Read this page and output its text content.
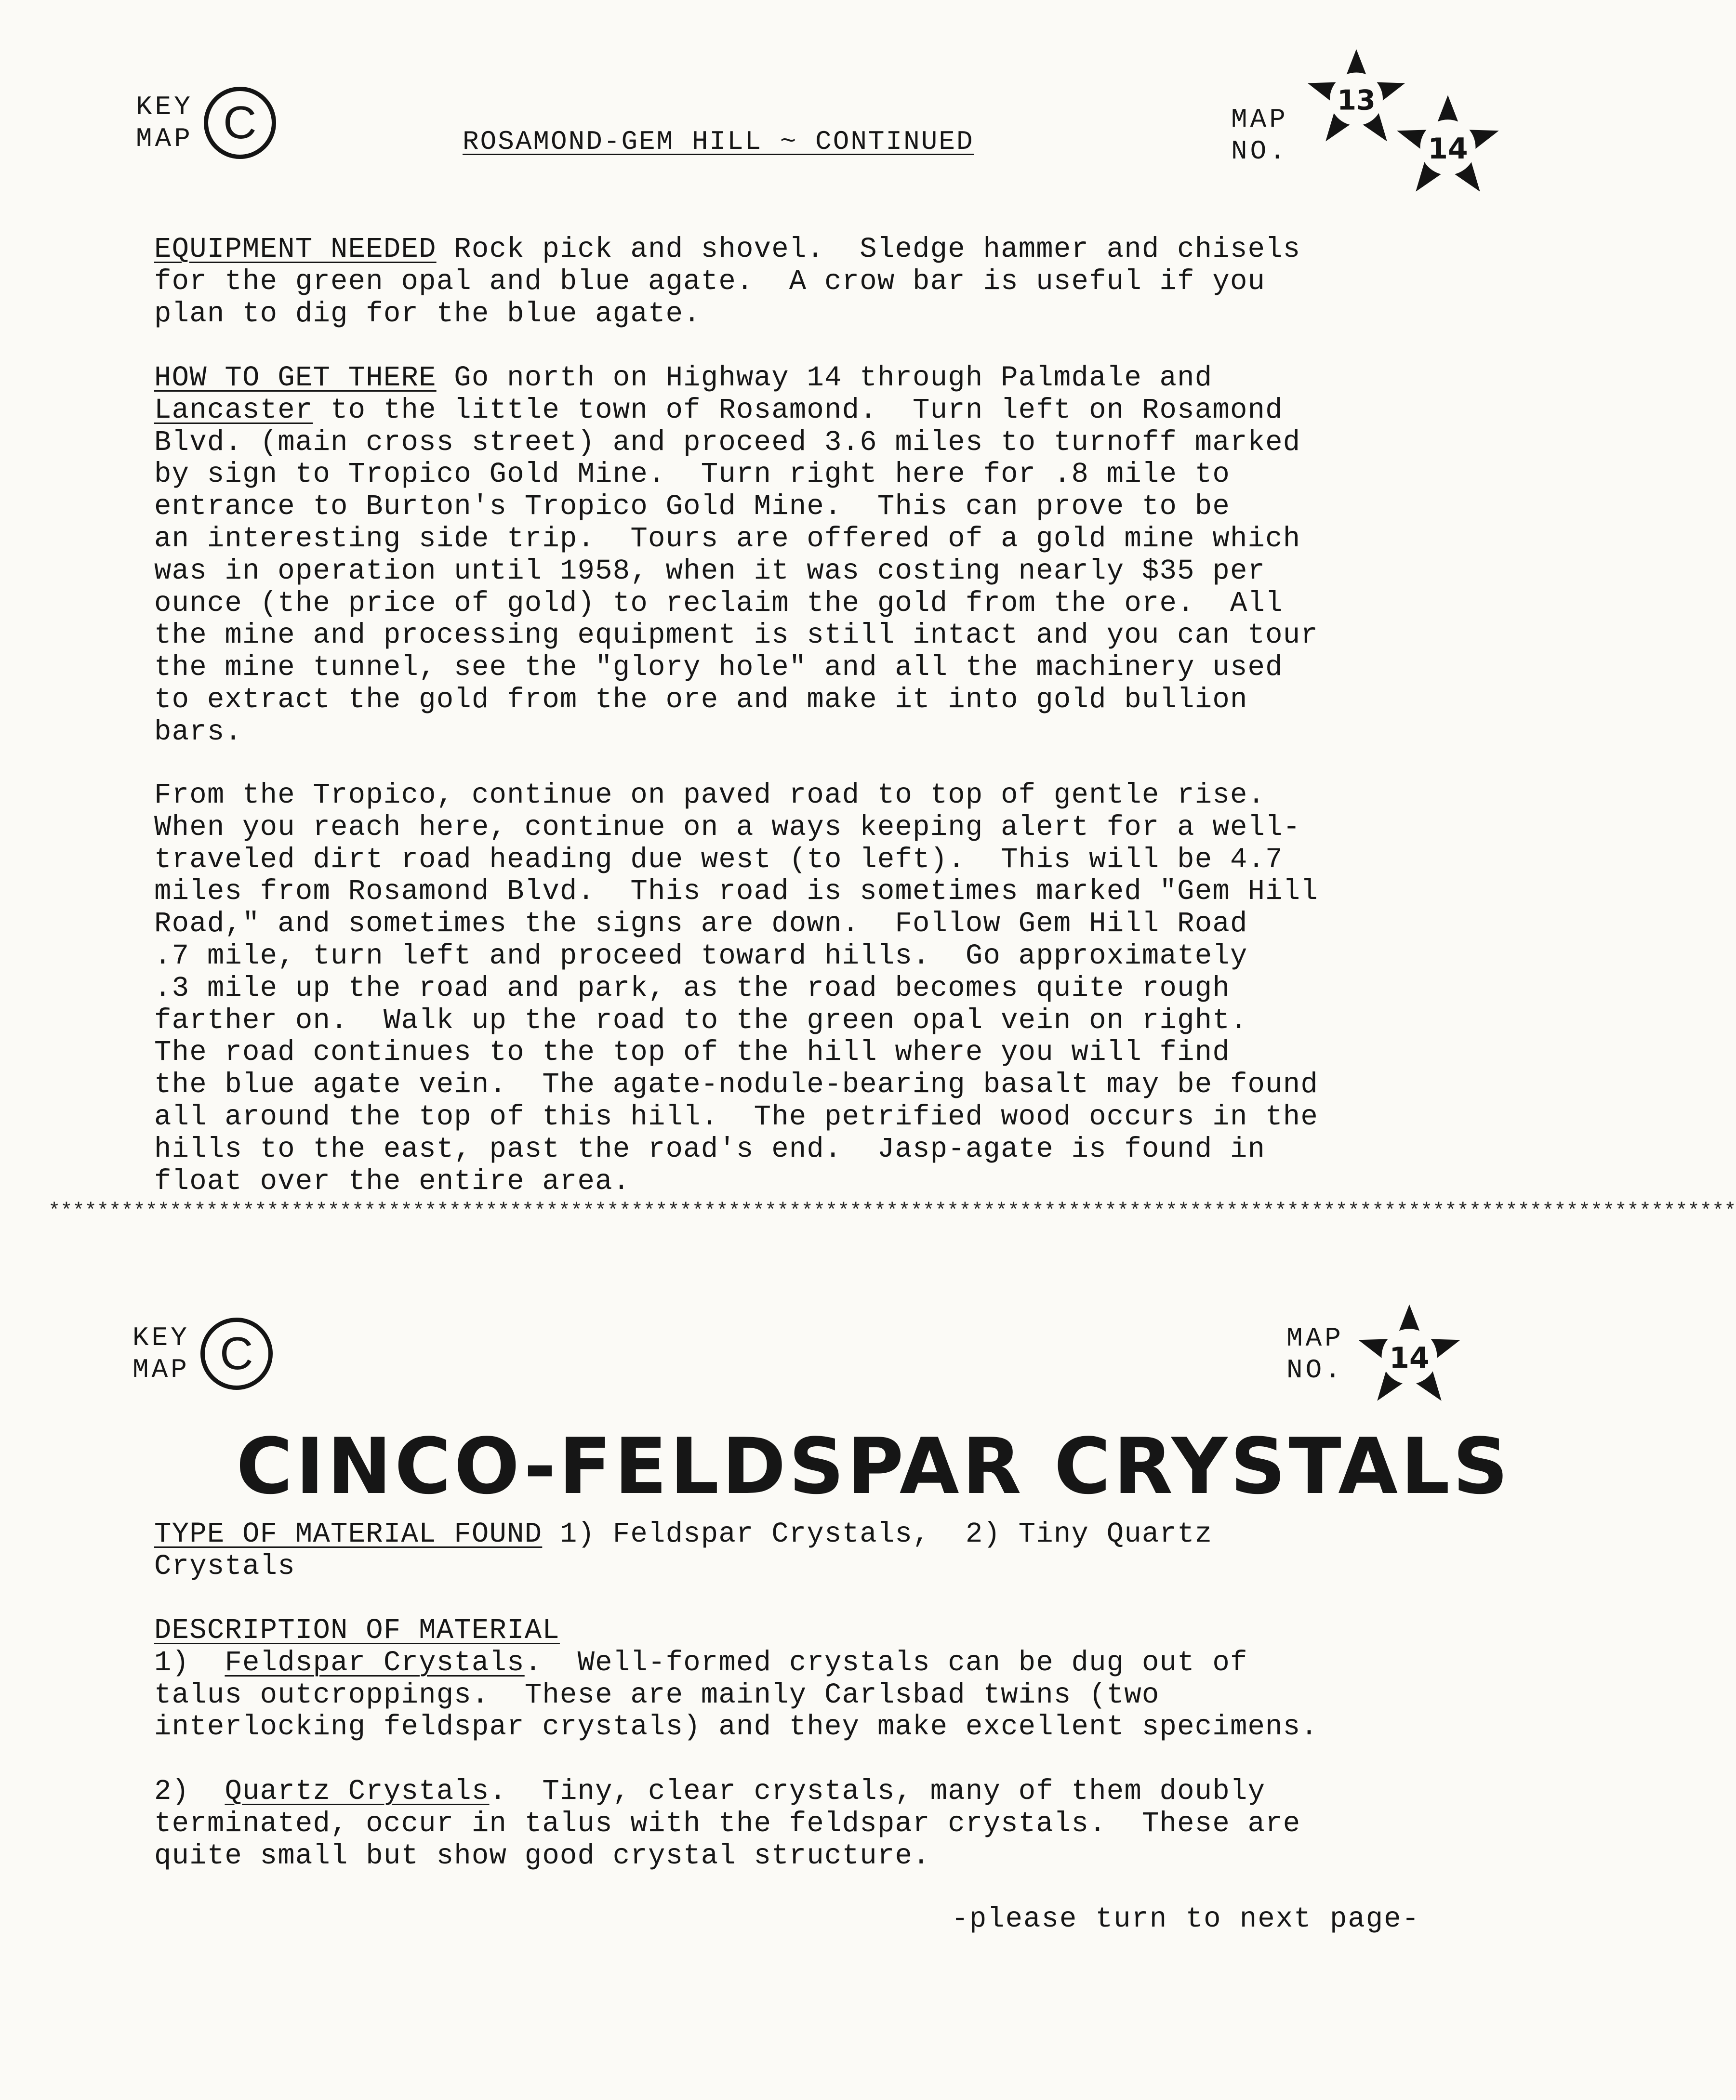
KEY
MAP C	ROSAMOND-GEM HILL ~ CONTINUED
MAP
NO.
13
14
EQUIPMENT NEEDED Rock pick and shovel.  Sledge hammer and chisels
for the green opal and blue agate.  A crow bar is useful if you
plan to dig for the blue agate.
HOW TO GET THERE Go north on Highway 14 through Palmdale and
Lancaster to the little town of Rosamond.  Turn left on Rosamond
Blvd. (main cross street) and proceed 3.6 miles to turnoff marked
by sign to Tropico Gold Mine.  Turn right here for .8 mile to
entrance to Burton's Tropico Gold Mine.  This can prove to be
an interesting side trip.  Tours are offered of a gold mine which
was in operation until 1958, when it was costing nearly $35 per
ounce (the price of gold) to reclaim the gold from the ore.  All
the mine and processing equipment is still intact and you can tour
the mine tunnel, see the "glory hole" and all the machinery used
to extract the gold from the ore and make it into gold bullion
bars.
From the Tropico, continue on paved road to top of gentle rise.
When you reach here, continue on a ways keeping alert for a well-
traveled dirt road heading due west (to left).  This will be 4.7
miles from Rosamond Blvd.  This road is sometimes marked "Gem Hill
Road," and sometimes the signs are down.  Follow Gem Hill Road
.7 mile, turn left and proceed toward hills.  Go approximately
.3 mile up the road and park, as the road becomes quite rough
farther on.  Walk up the road to the green opal vein on right.
The road continues to the top of the hill where you will find
the blue agate vein.  The agate-nodule-bearing basalt may be found
all around the top of this hill.  The petrified wood occurs in the
hills to the east, past the road's end.  Jasp-agate is found in
float over the entire area.
*******************************************************************************************************************************************
KEY
MAP C	MAP
NO.	14
CINCO-FELDSPAR CRYSTALS
TYPE OF MATERIAL FOUND 1) Feldspar Crystals,  2) Tiny Quartz
Crystals
DESCRIPTION OF MATERIAL
1)  Feldspar Crystals.  Well-formed crystals can be dug out of
talus outcroppings.  These are mainly Carlsbad twins (two
interlocking feldspar crystals) and they make excellent specimens.

2)  Quartz Crystals.  Tiny, clear crystals, many of them doubly
terminated, occur in talus with the feldspar crystals.  These are
quite small but show good crystal structure.
-please turn to next page-
